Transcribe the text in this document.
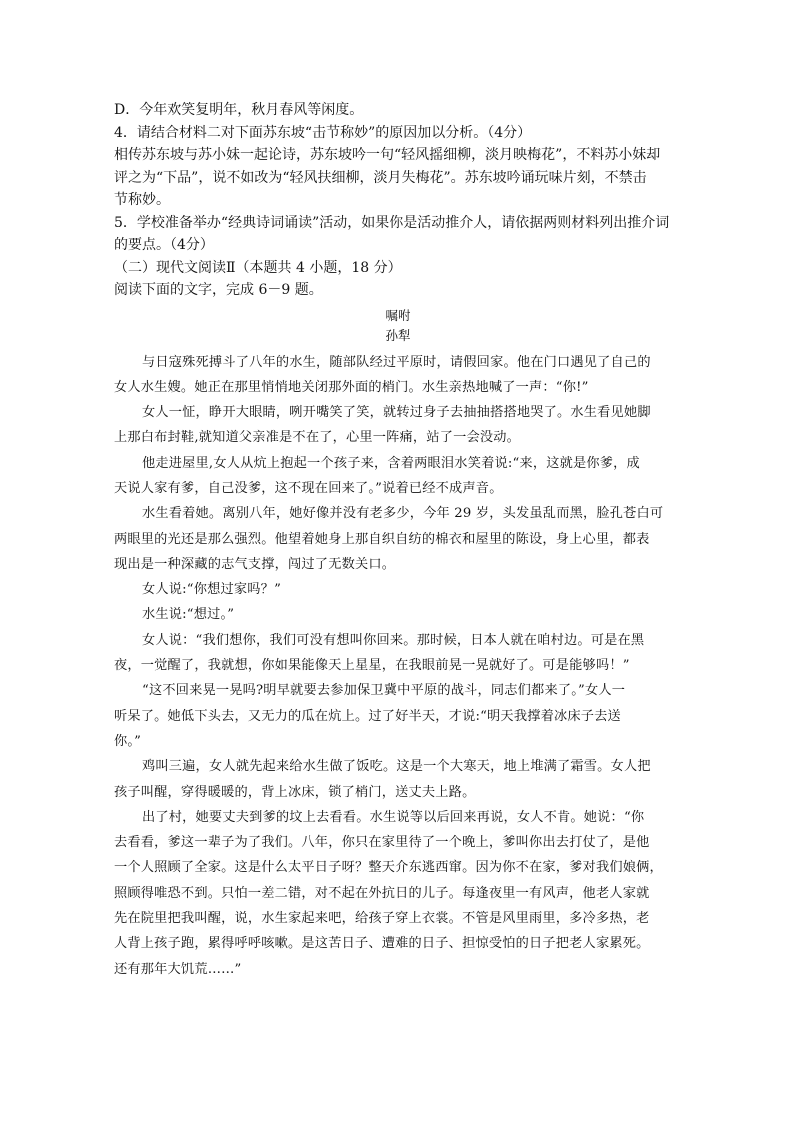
D．今年欢笑复明年，秋月春风等闲度。
4．请结合材料二对下面苏东坡“击节称妙”的原因加以分析。（4分）
相传苏东坡与苏小妹一起论诗，苏东坡吟一句“轻风摇细柳，淡月映梅花”，不料苏小妹却
评之为“下品”，说不如改为“轻风扶细柳，淡月失梅花”。苏东坡吟诵玩味片刻，不禁击
节称妙。
5．学校准备举办“经典诗词诵读”活动，如果你是活动推介人，请依据两则材料列出推介词
的要点。（4分）
（二）现代文阅读Ⅱ（本题共 4 小题，18 分）
阅读下面的文字，完成 6－9 题。
嘱咐
孙犁
与日寇殊死搏斗了八年的水生，随部队经过平原时，请假回家。他在门口遇见了自己的
女人水生嫂。她正在那里悄悄地关闭那外面的梢门。水生亲热地喊了一声：“你!”
女人一怔，睁开大眼睛，咧开嘴笑了笑，就转过身子去抽抽搭搭地哭了。水生看见她脚
上那白布封鞋,就知道父亲准是不在了，心里一阵痛，站了一会没动。
他走进屋里,女人从炕上抱起一个孩子来，含着两眼泪水笑着说:“来，这就是你爹，成
天说人家有爹，自己没爹，这不现在回来了。”说着已经不成声音。
水生看着她。离别八年，她好像并没有老多少，今年 29 岁，头发虽乱而黑，脸孔苍白可
两眼里的光还是那么强烈。他望着她身上那自织自纺的棉衣和屋里的陈设，身上心里，都表
现出是一种深藏的志气支撑，闯过了无数关口。
女人说:“你想过家吗？”
水生说:“想过。”
女人说：“我们想你，我们可没有想叫你回来。那时候，日本人就在咱村边。可是在黑
夜，一觉醒了，我就想，你如果能像天上星星，在我眼前晃一晃就好了。可是能够吗！”
“这不回来晃一晃吗?明早就要去参加保卫冀中平原的战斗，同志们都来了。”女人一
听呆了。她低下头去，又无力的瓜在炕上。过了好半天，才说:“明天我撑着冰床子去送
你。”
鸡叫三遍，女人就先起来给水生做了饭吃。这是一个大寒天，地上堆满了霜雪。女人把
孩子叫醒，穿得暖暖的，背上冰床，锁了梢门，送丈夫上路。
出了村，她要丈夫到爹的坟上去看看。水生说等以后回来再说，女人不肯。她说：“你
去看看，爹这一辈子为了我们。八年，你只在家里待了一个晚上，爹叫你出去打仗了，是他
一个人照顾了全家。这是什么太平日子呀？整天介东逃西窜。因为你不在家，爹对我们娘俩，
照顾得唯恐不到。只怕一差二错，对不起在外抗日的儿子。每逢夜里一有风声，他老人家就
先在院里把我叫醒，说，水生家起来吧，给孩子穿上衣裳。不管是风里雨里，多冷多热，老
人背上孩子跑，累得呼呼咳嗽。是这苦日子、遭难的日子、担惊受怕的日子把老人家累死。
还有那年大饥荒……”
